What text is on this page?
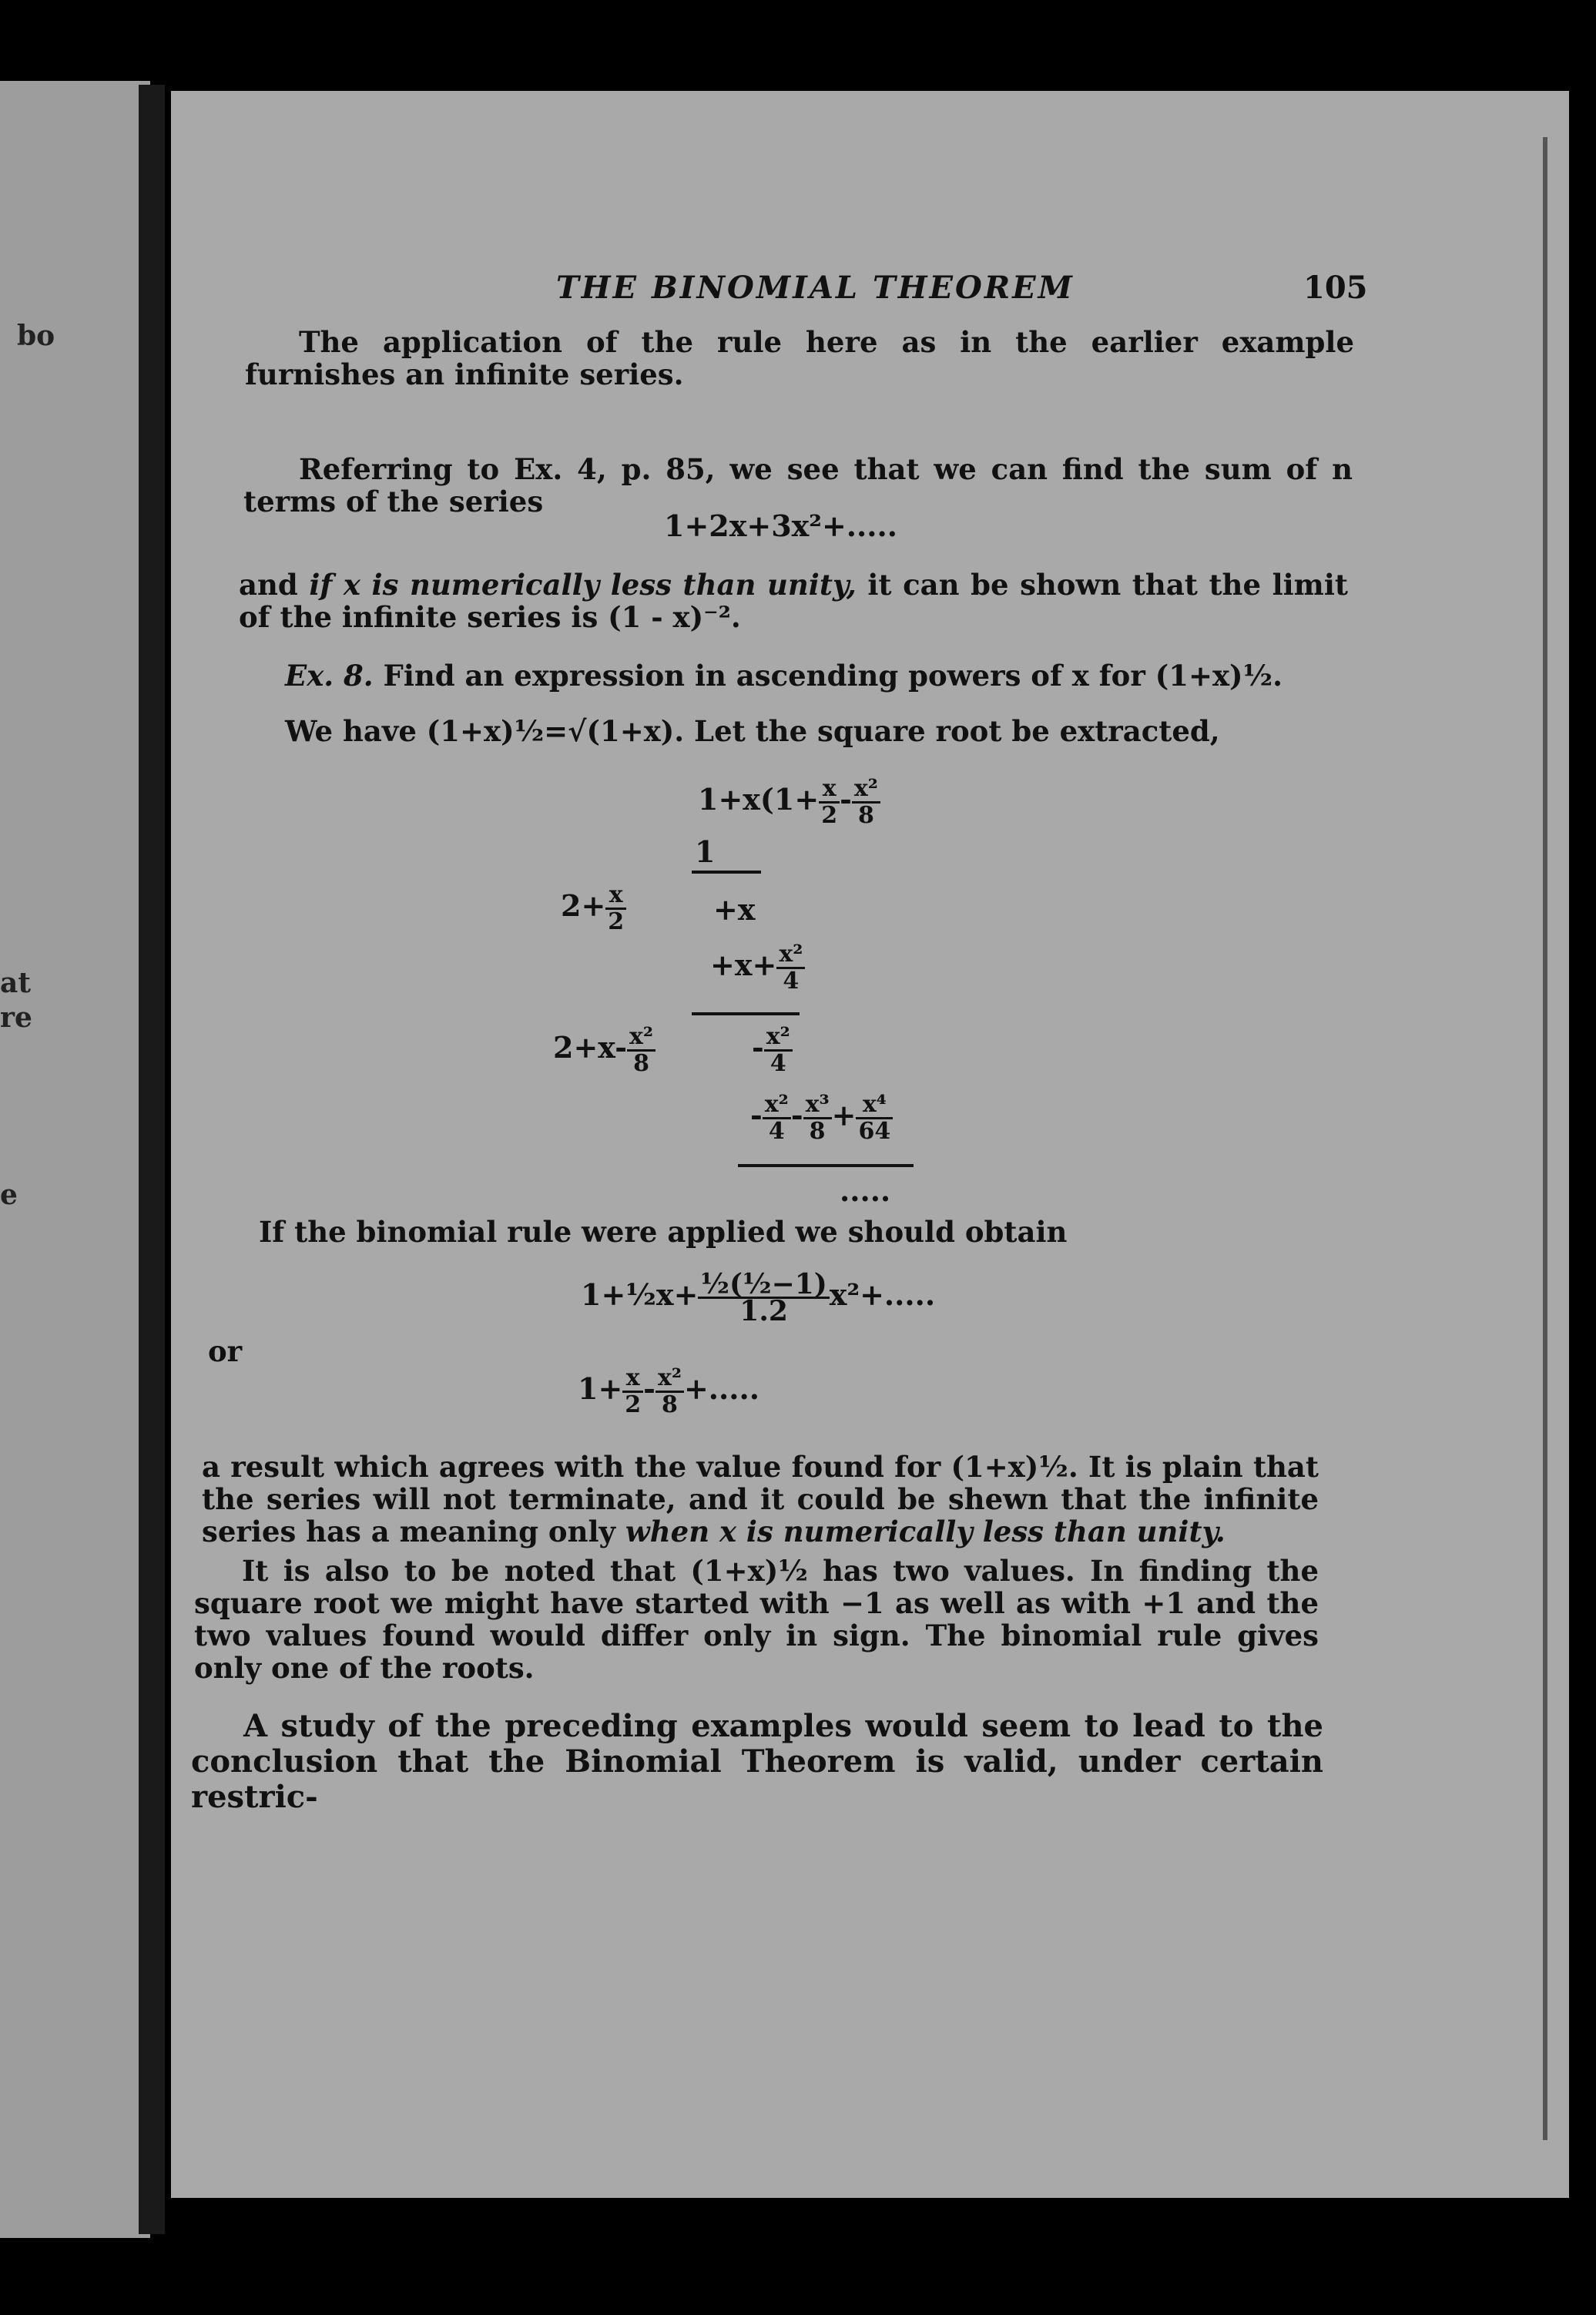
bo
at
re
e
THE BINOMIAL THEOREM	105

The application of the rule here as in the earlier example furnishes an infinite series.

Referring to Ex. 4, p. 85, we see that we can find the sum of n terms of the series

1+2x+3x²+.....

and if x is numerically less than unity, it can be shown that the limit of the infinite series is (1 - x)⁻².

Ex. 8. Find an expression in ascending powers of x for (1+x)½.

We have (1+x)½=√(1+x). Let the square root be extracted,

$1+x(1+ \frac{x}{2} - \frac{\text{x²}}{8}$
1
$2+ \frac{x}{2}$	+x
$+x+ \frac{\text{x²}}{4}$
$2+x- \frac{\text{x²}}{8}$	- $\frac{\text{x²}}{4}$
- $\frac{\text{x²}}{4} - \frac{\text{x³}}{8} + \frac{\text{x⁴}}{64}$
.....

If the binomial rule were applied we should obtain

1+½x+ $\frac{\text{½(½−1)}}{1.2} x^2+$.....
or
$1+ \frac{x}{2} - \frac{\text{x²}}{8}$ +.....

a result which agrees with the value found for (1+x)½. It is plain that the series will not terminate, and it could be shewn that the infinite series has a meaning only when x is numerically less than unity.

It is also to be noted that (1+x)½ has two values. In finding the square root we might have started with −1 as well as with +1 and the two values found would differ only in sign. The binomial rule gives only one of the roots.

A study of the preceding examples would seem to lead to the conclusion that the Binomial Theorem is valid, under certain restric-
